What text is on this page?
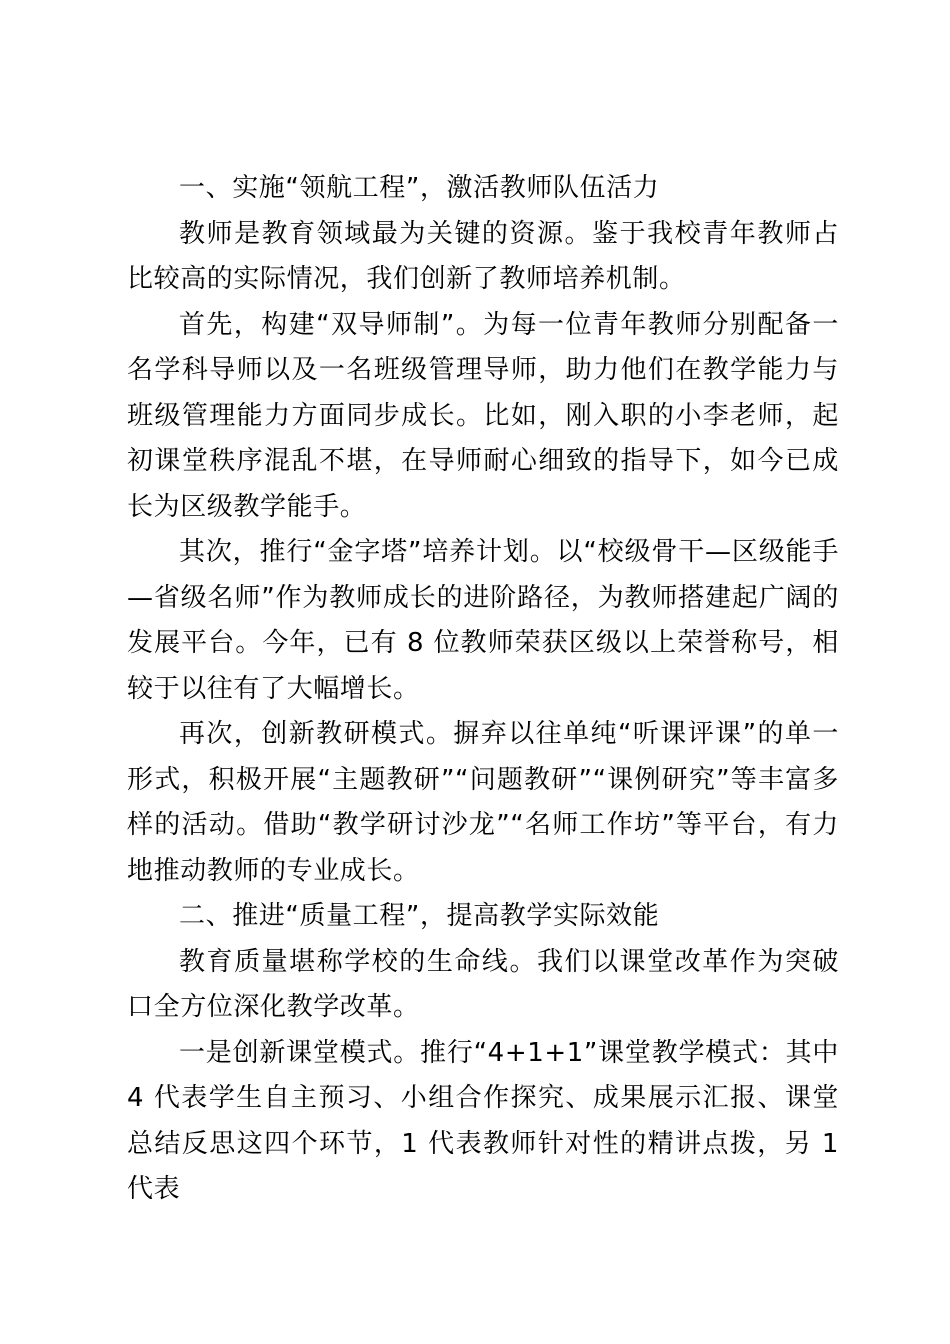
一、实施“领航工程”，激活教师队伍活力

教师是教育领域最为关键的资源。鉴于我校青年教师占比较高的实际情况，我们创新了教师培养机制。

首先，构建“双导师制”。为每一位青年教师分别配备一名学科导师以及一名班级管理导师，助力他们在教学能力与班级管理能力方面同步成长。比如，刚入职的小李老师，起初课堂秩序混乱不堪，在导师耐心细致的指导下，如今已成长为区级教学能手。

其次，推行“金字塔”培养计划。以“校级骨干—区级能手—省级名师”作为教师成长的进阶路径，为教师搭建起广阔的发展平台。今年，已有 8 位教师荣获区级以上荣誉称号，相较于以往有了大幅增长。

再次，创新教研模式。摒弃以往单纯“听课评课”的单一形式，积极开展“主题教研”“问题教研”“课例研究”等丰富多样的活动。借助“教学研讨沙龙”“名师工作坊”等平台，有力地推动教师的专业成长。

二、推进“质量工程”，提高教学实际效能

教育质量堪称学校的生命线。我们以课堂改革作为突破口全方位深化教学改革。

一是创新课堂模式。推行“4+1+1”课堂教学模式：其中 4 代表学生自主预习、小组合作探究、成果展示汇报、课堂总结反思这四个环节，1 代表教师针对性的精讲点拨，另 1 代表
